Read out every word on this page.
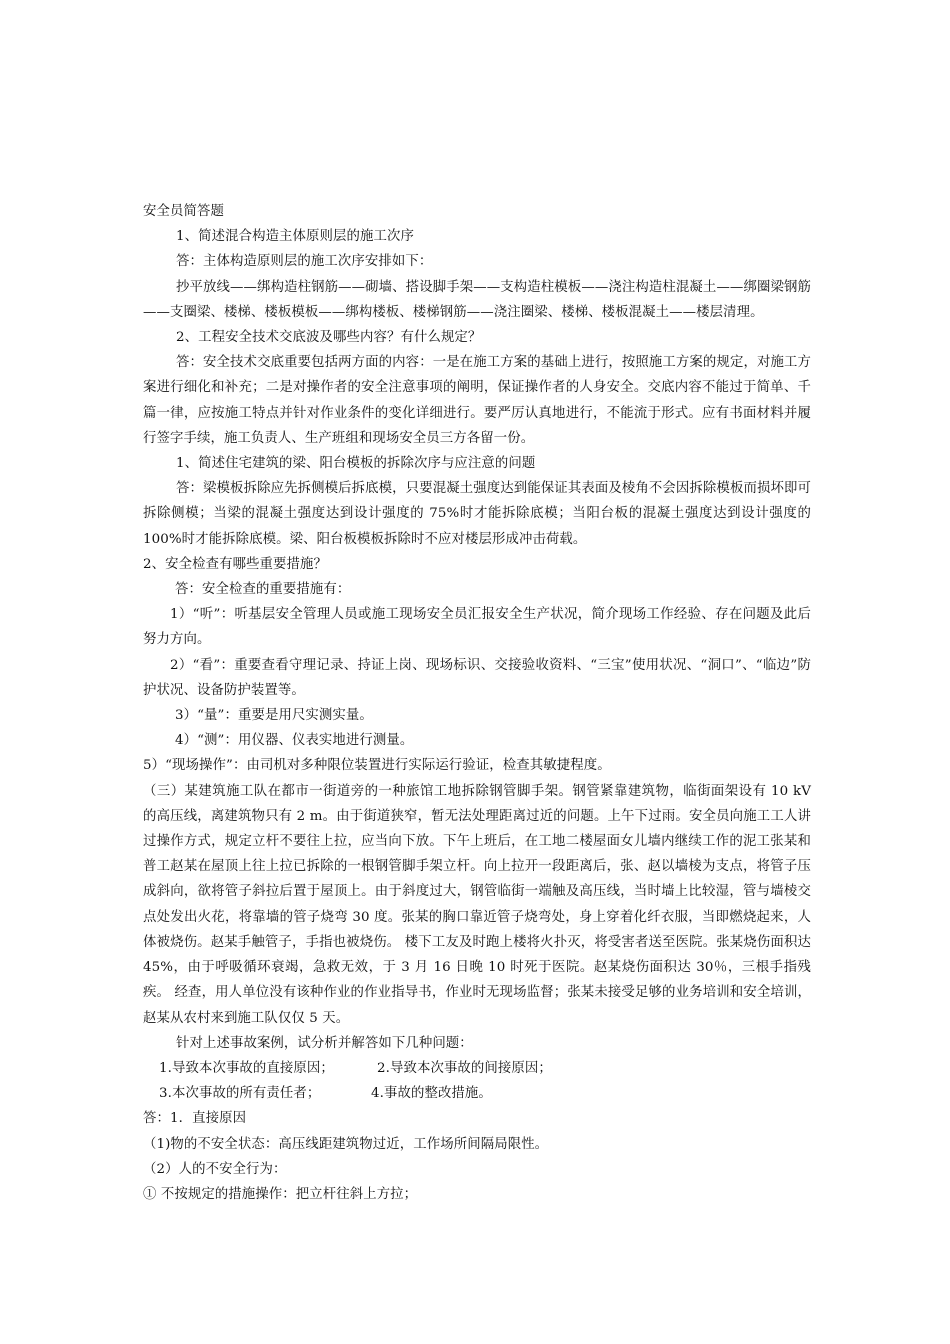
安全员简答题

1、简述混合构造主体原则层的施工次序

答：主体构造原则层的施工次序安排如下：

抄平放线——绑构造柱钢筋——砌墙、搭设脚手架——支构造柱模板——浇注构造柱混凝土——绑圈梁钢筋——支圈梁、楼梯、楼板模板——绑构楼板、楼梯钢筋——浇注圈梁、楼梯、楼板混凝土——楼层清理。

2、工程安全技术交底波及哪些内容？有什么规定？

答：安全技术交底重要包括两方面的内容：一是在施工方案的基础上进行，按照施工方案的规定，对施工方案进行细化和补充；二是对操作者的安全注意事项的阐明，保证操作者的人身安全。交底内容不能过于简单、千篇一律，应按施工特点并针对作业条件的变化详细进行。要严厉认真地进行，不能流于形式。应有书面材料并履行签字手续，施工负责人、生产班组和现场安全员三方各留一份。

1、简述住宅建筑的梁、阳台模板的拆除次序与应注意的问题

答：梁模板拆除应先拆侧模后拆底模，只要混凝土强度达到能保证其表面及棱角不会因拆除模板而损坏即可拆除侧模；当梁的混凝土强度达到设计强度的 75%时才能拆除底模；当阳台板的混凝土强度达到设计强度的 100%时才能拆除底模。梁、阳台板模板拆除时不应对楼层形成冲击荷载。

2、安全检查有哪些重要措施？

答：安全检查的重要措施有：

1）“听”：听基层安全管理人员或施工现场安全员汇报安全生产状况，简介现场工作经验、存在问题及此后努力方向。

2）“看”：重要查看守理记录、持证上岗、现场标识、交接验收资料、“三宝”使用状况、“洞口”、“临边”防护状况、设备防护装置等。

3）“量”：重要是用尺实测实量。

4）“测”：用仪器、仪表实地进行测量。

5）“现场操作”：由司机对多种限位装置进行实际运行验证，检查其敏捷程度。

（三）某建筑施工队在都市一街道旁的一种旅馆工地拆除钢管脚手架。钢管紧靠建筑物，临街面架设有 10 kV 的高压线，离建筑物只有 2 m。由于街道狭窄，暂无法处理距离过近的问题。上午下过雨。安全员向施工工人讲过操作方式，规定立杆不要往上拉，应当向下放。下午上班后，在工地二楼屋面女儿墙内继续工作的泥工张某和普工赵某在屋顶上往上拉已拆除的一根钢管脚手架立杆。向上拉开一段距离后，张、赵以墙棱为支点，将管子压成斜向，欲将管子斜拉后置于屋顶上。由于斜度过大，钢管临街一端触及高压线，当时墙上比较湿，管与墙棱交点处发出火花，将靠墙的管子烧弯 30 度。张某的胸口靠近管子烧弯处，身上穿着化纤衣服，当即燃烧起来，人体被烧伤。赵某手触管子，手指也被烧伤。 楼下工友及时跑上楼将火扑灭，将受害者送至医院。张某烧伤面积达 45%，由于呼吸循环衰竭，急救无效，于 3 月 16 日晚 10 时死于医院。赵某烧伤面积达 30％，三根手指残疾。 经查，用人单位没有该种作业的作业指导书，作业时无现场监督；张某未接受足够的业务培训和安全培训，赵某从农村来到施工队仅仅 5 天。

针对上述事故案例，试分析并解答如下几种问题：

1.导致本次事故的直接原因；	2.导致本次事故的间接原因；

3.本次事故的所有责任者；	4.事故的整改措施。

答：1．直接原因

（1)物的不安全状态：高压线距建筑物过近，工作场所间隔局限性。

（2）人的不安全行为：

① 不按规定的措施操作：把立杆往斜上方拉；
